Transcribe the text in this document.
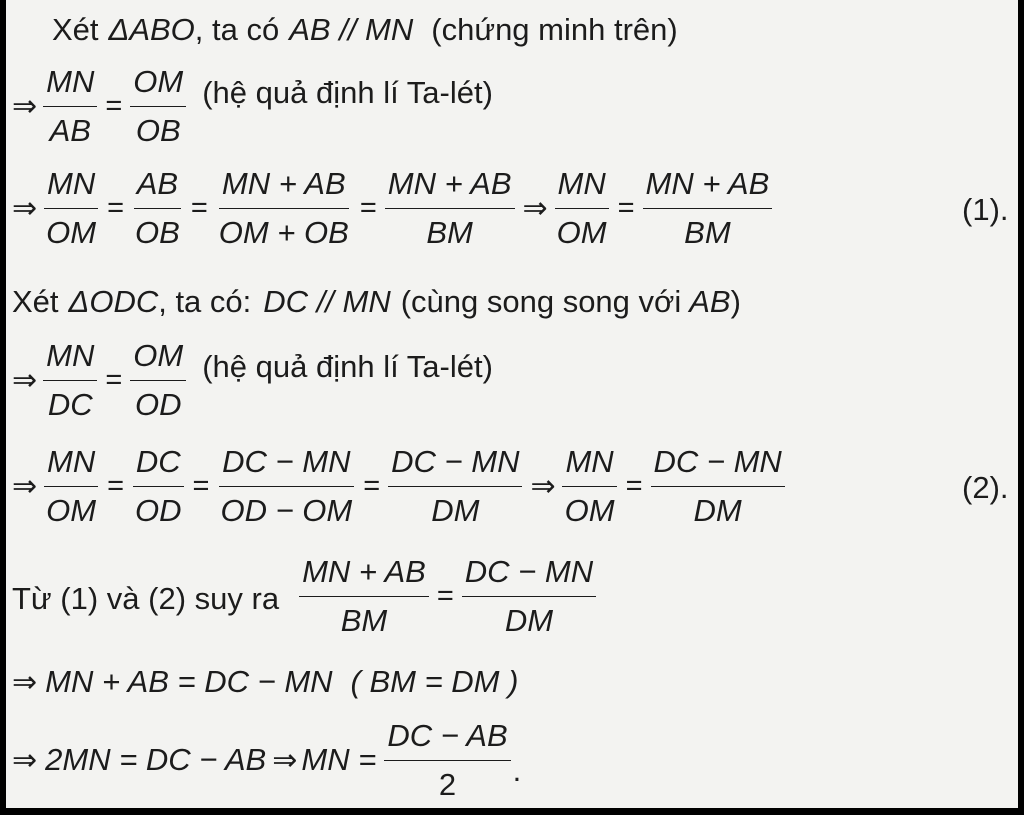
Xét ΔABO , ta có AB // MN (chứng minh trên)
⇒ $\frac{MN}{AB} = \frac{OM}{OB}$ (hệ quả định lí Ta-lét)
⇒ $\frac{MN}{OM} = \frac{AB}{OB} = \frac{MN + AB}{OM + OB} = \frac{MN + AB}{BM}$ ⇒ $\frac{MN}{OM} = \frac{MN + AB}{BM}$	(1).
Xét ΔODC , ta có: DC // MN (cùng song song với AB )
⇒ $\frac{MN}{DC} = \frac{OM}{OD}$ (hệ quả định lí Ta-lét)
⇒ $\frac{MN}{OM} = \frac{DC}{OD} = \frac{DC - MN}{OD - OM} = \frac{DC - MN}{DM}$ ⇒ $\frac{MN}{OM} = \frac{DC - MN}{DM}$	(2).
Từ (1) và (2) suy ra $\frac{MN + AB}{BM} = \frac{DC - MN}{DM}$
⇒ MN + AB = DC − MN ( BM = DM )
⇒ 2MN = DC − AB ⇒ MN = $\frac{DC - AB}{2}$ .
